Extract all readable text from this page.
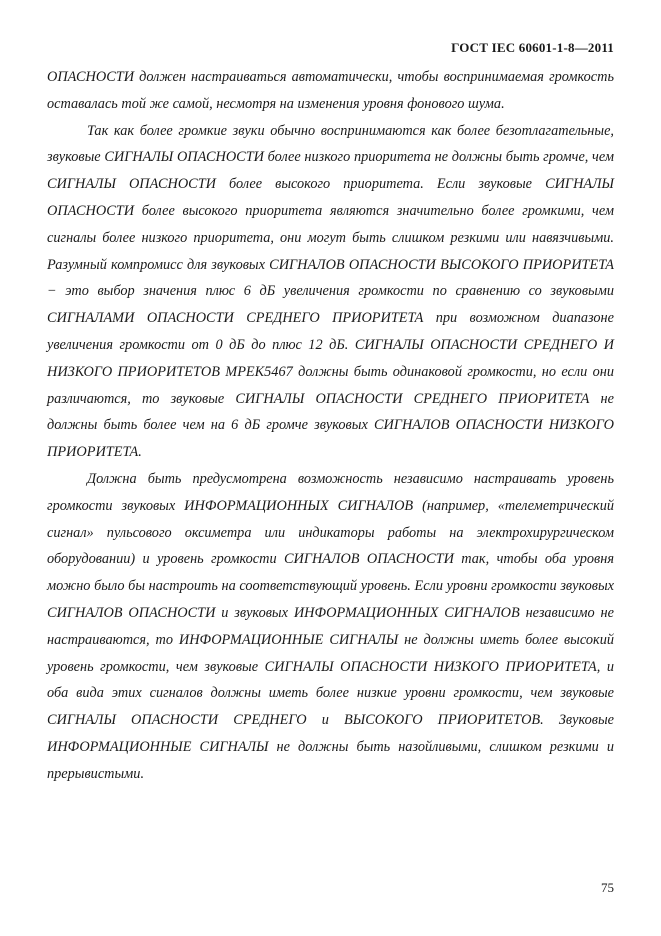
ГОСТ IEC 60601-1-8—2011

ОПАСНОСТИ должен настраиваться автоматически, чтобы воспринимаемая громкость оставалась той же самой, несмотря на изменения уровня фонового шума.

Так как более громкие звуки обычно воспринимаются как более безотлагательные, звуковые СИГНАЛЫ ОПАСНОСТИ более низкого приоритета не должны быть громче, чем СИГНАЛЫ ОПАСНОСТИ более высокого приоритета. Если звуковые СИГНАЛЫ ОПАСНОСТИ более высокого приоритета являются значительно более громкими, чем сигналы более низкого приоритета, они могут быть слишком резкими или навязчивыми. Разумный компромисс для звуковых СИГНАЛОВ ОПАСНОСТИ ВЫСОКОГО ПРИОРИТЕТА − это выбор значения плюс 6 дБ увеличения громкости по сравнению со звуковыми СИГНАЛАМИ ОПАСНОСТИ СРЕДНЕГО ПРИОРИТЕТА при возможном диапазоне увеличения громкости от 0 дБ до плюс 12 дБ. СИГНАЛЫ ОПАСНОСТИ СРЕДНЕГО И НИЗКОГО ПРИОРИТЕТОВ МРЕК5467 должны быть одинаковой громкости, но если они различаются, то звуковые СИГНАЛЫ ОПАСНОСТИ СРЕДНЕГО ПРИОРИТЕТА не должны быть более чем на 6 дБ громче звуковых СИГНАЛОВ ОПАСНОСТИ НИЗКОГО ПРИОРИТЕТА.

Должна быть предусмотрена возможность независимо настраивать уровень громкости звуковых ИНФОРМАЦИОННЫХ СИГНАЛОВ (например, «телеметрический сигнал» пульсового оксиметра или индикаторы работы на электрохирургическом оборудовании) и уровень громкости СИГНАЛОВ ОПАСНОСТИ так, чтобы оба уровня можно было бы настроить на соответствующий уровень. Если уровни громкости звуковых СИГНАЛОВ ОПАСНОСТИ и звуковых ИНФОРМАЦИОННЫХ СИГНАЛОВ независимо не настраиваются, то ИНФОРМАЦИОННЫЕ СИГНАЛЫ не должны иметь более высокий уровень громкости, чем звуковые СИГНАЛЫ ОПАСНОСТИ НИЗКОГО ПРИОРИТЕТА, и оба вида этих сигналов должны иметь более низкие уровни громкости, чем звуковые СИГНАЛЫ ОПАСНОСТИ СРЕДНЕГО и ВЫСОКОГО ПРИОРИТЕТОВ. Звуковые ИНФОРМАЦИОННЫЕ СИГНАЛЫ не должны быть назойливыми, слишком резкими и прерывистыми.

75
